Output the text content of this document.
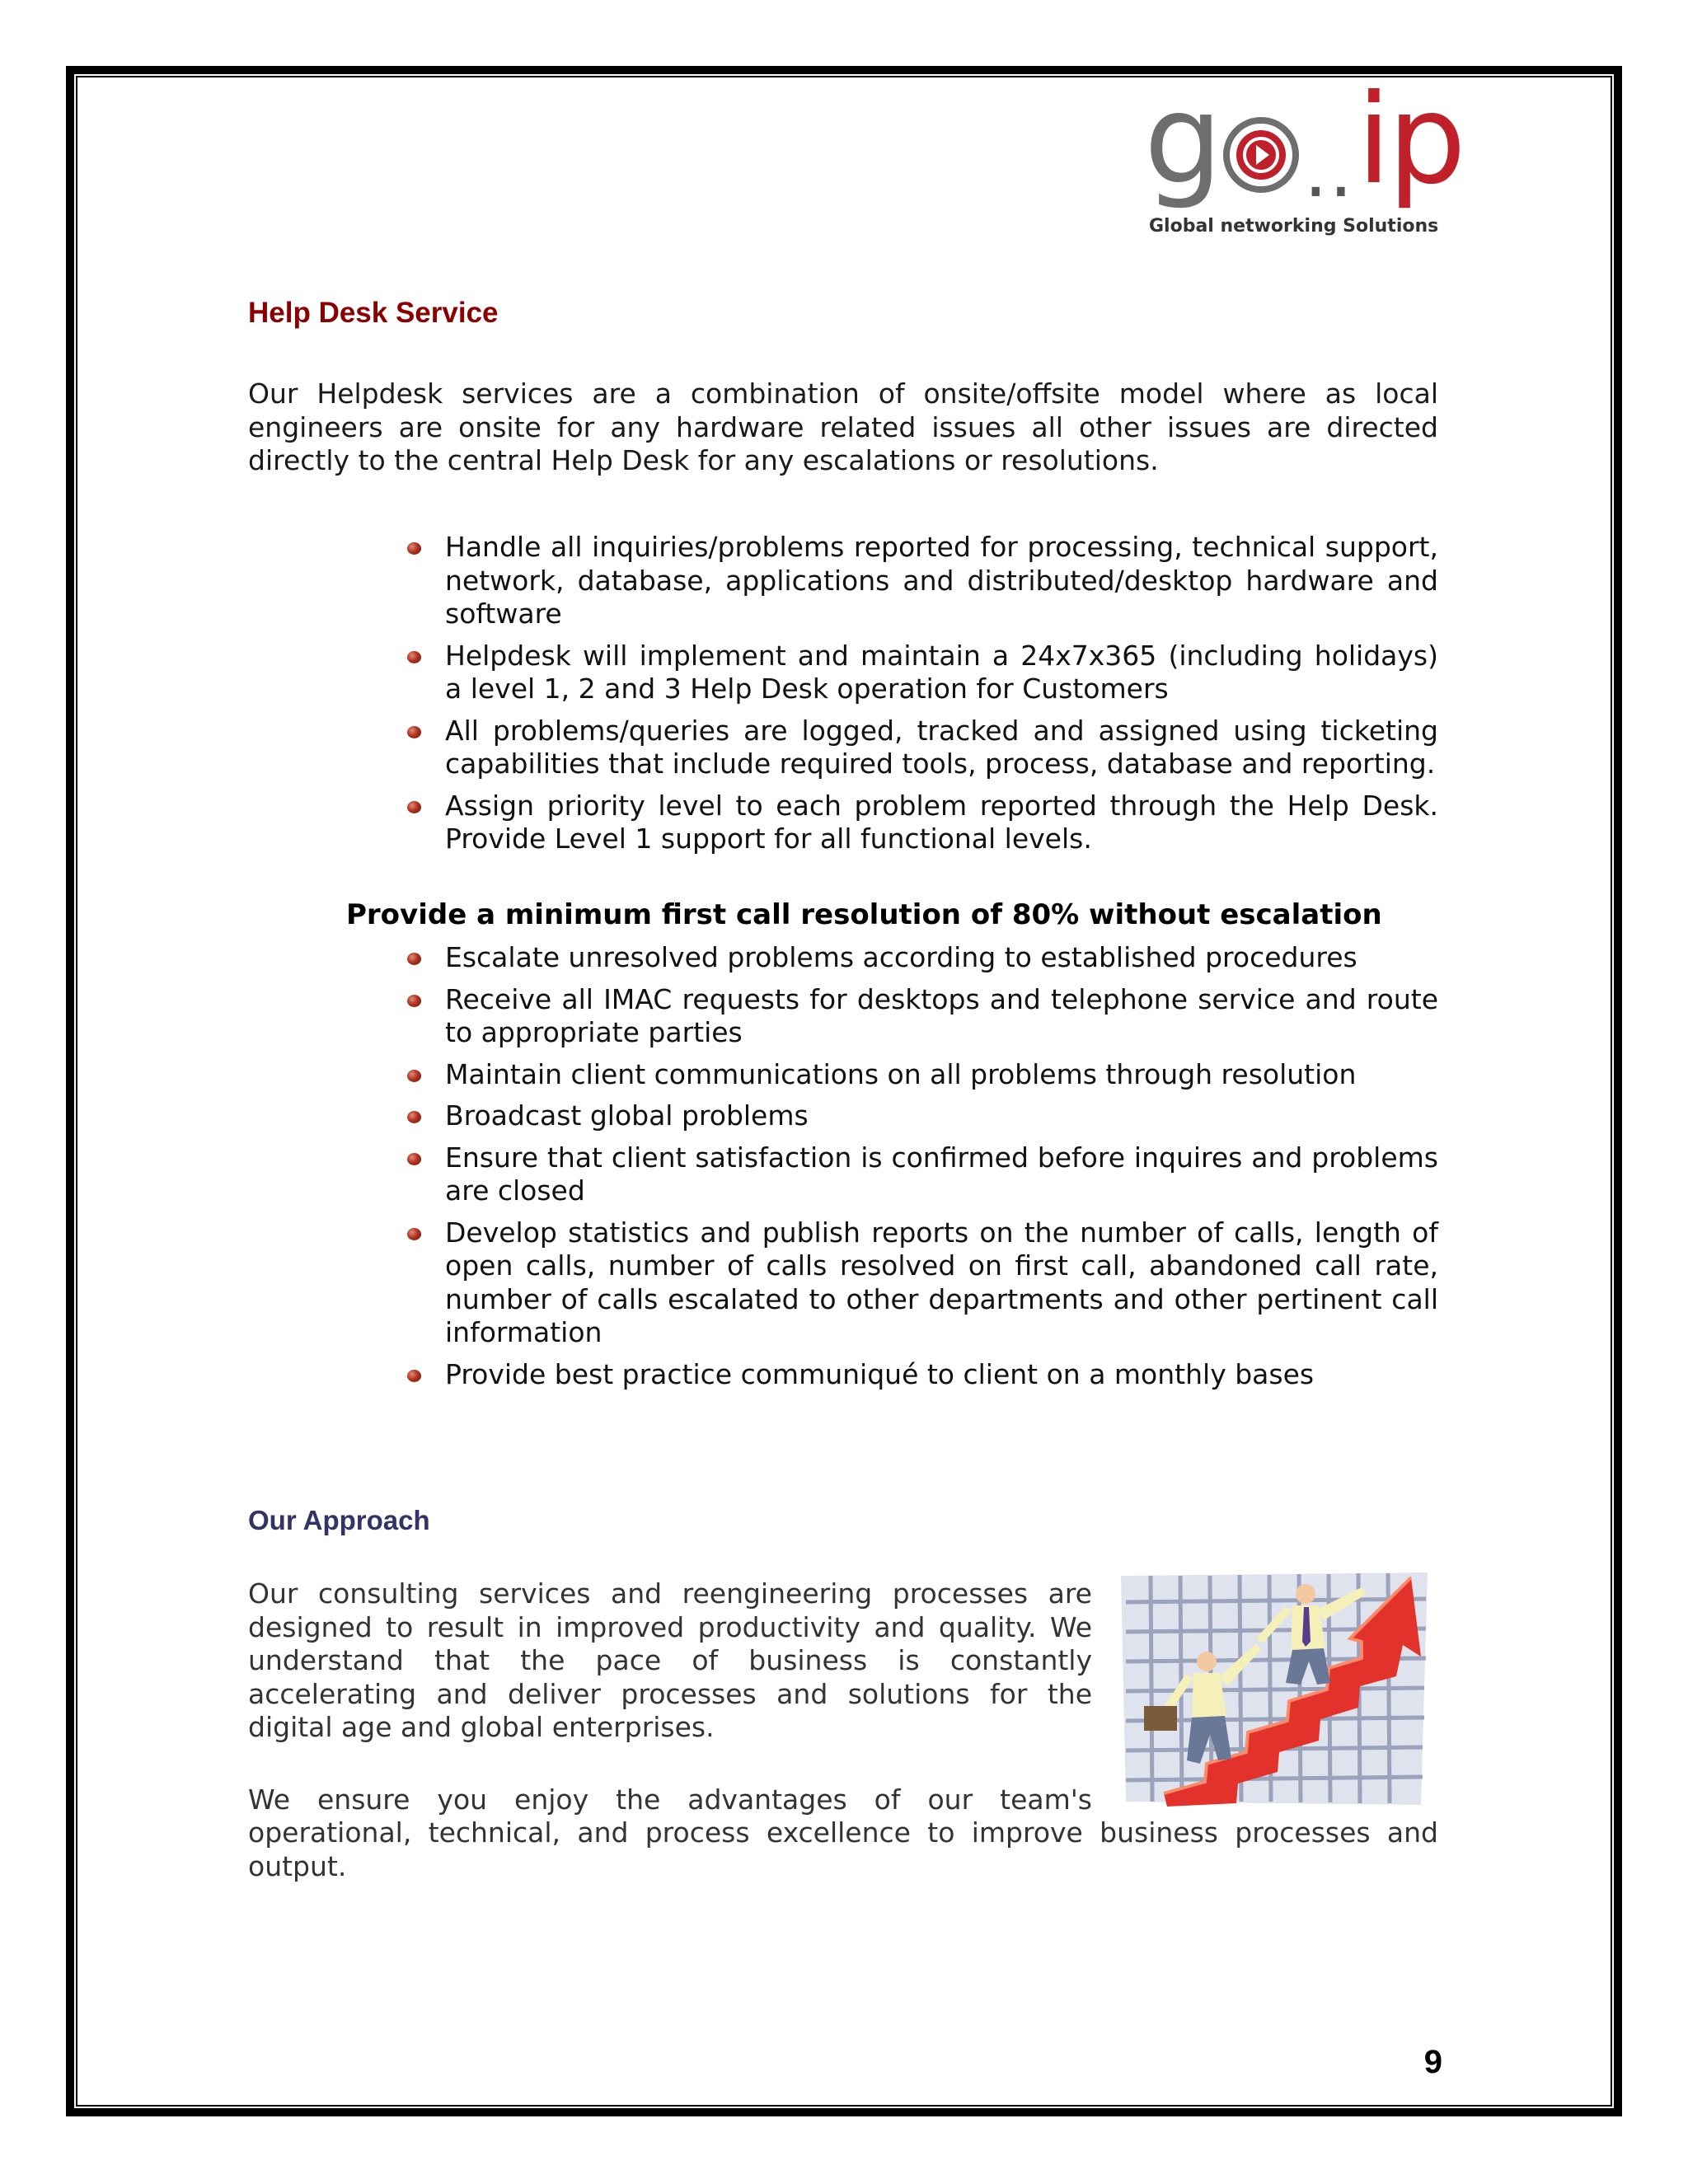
g .. ip
Global networking Solutions
Help Desk Service

Our Helpdesk services are a combination of onsite/offsite model where as local engineers are onsite for any hardware related issues all other issues are directed directly to the central Help Desk for any escalations or resolutions.

Handle all inquiries/problems reported for processing, technical support, network, database, applications and distributed/desktop hardware and software
Helpdesk will implement and maintain a 24x7x365 (including holidays) a level 1, 2 and 3 Help Desk operation for Customers
All problems/queries are logged, tracked and assigned using ticketing capabilities that include required tools, process, database and reporting.
Assign priority level to each problem reported through the Help Desk. Provide Level 1 support for all functional levels.

Provide a minimum first call resolution of 80% without escalation

Escalate unresolved problems according to established procedures
Receive all IMAC requests for desktops and telephone service and route to appropriate parties
Maintain client communications on all problems through resolution
Broadcast global problems
Ensure that client satisfaction is confirmed before inquires and problems are closed
Develop statistics and publish reports on the number of calls, length of open calls, number of calls resolved on first call, abandoned call rate, number of calls escalated to other departments and other pertinent call information
Provide best practice communiqué to client on a monthly bases
Our Approach

Our consulting services and reengineering processes are designed to result in improved productivity and quality. We understand that the pace of business is constantly accelerating and deliver processes and solutions for the digital age and global enterprises.

We ensure you enjoy the advantages of our team's

operational, technical, and process excellence to improve business processes and output.

9
